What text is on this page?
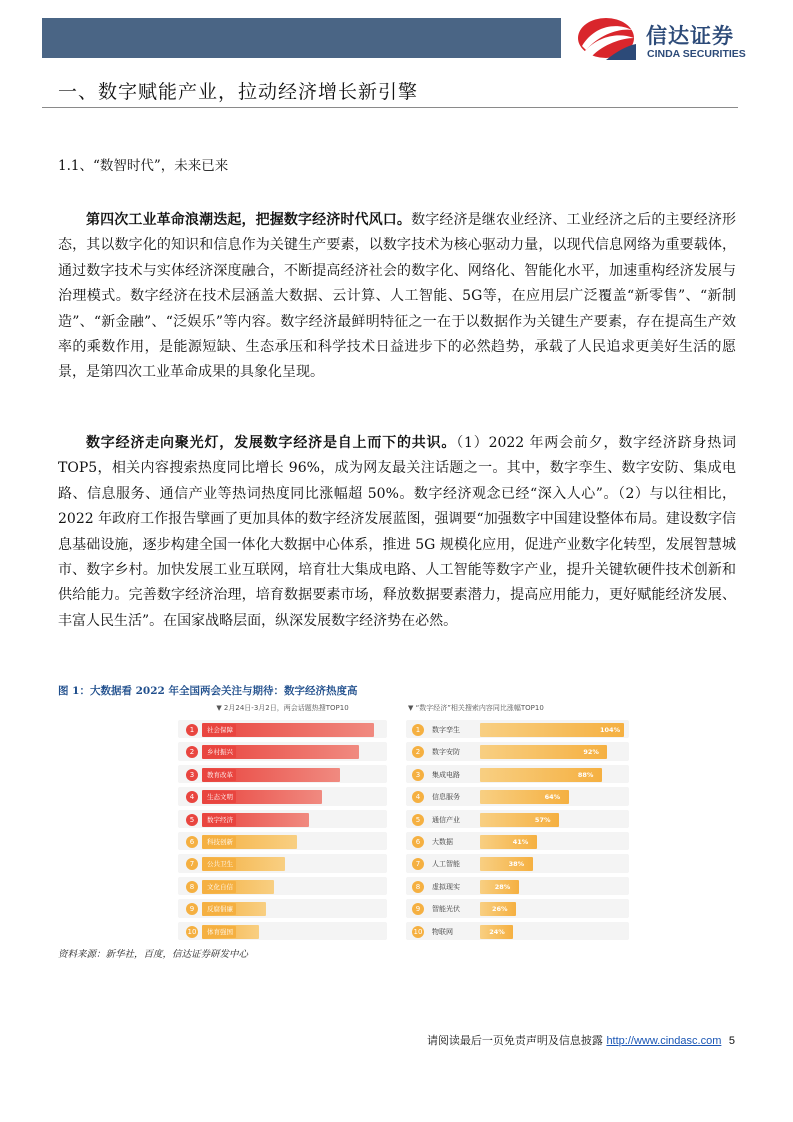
信达证券
CINDA SECURITIES
一、数字赋能产业，拉动经济增长新引擎
1.1、“数智时代”，未来已来

第四次工业革命浪潮迭起，把握数字经济时代风口。数字经济是继农业经济、工业经济之后的主要经济形态，其以数字化的知识和信息作为关键生产要素，以数字技术为核心驱动力量，以现代信息网络为重要载体，通过数字技术与实体经济深度融合，不断提高经济社会的数字化、网络化、智能化水平，加速重构经济发展与治理模式。数字经济在技术层涵盖大数据、云计算、人工智能、5G等，在应用层广泛覆盖“新零售”、“新制造”、“新金融”、“泛娱乐”等内容。数字经济最鲜明特征之一在于以数据作为关键生产要素，存在提高生产效率的乘数作用，是能源短缺、生态承压和科学技术日益进步下的必然趋势，承载了人民追求更美好生活的愿景，是第四次工业革命成果的具象化呈现。

数字经济走向聚光灯，发展数字经济是自上而下的共识。（1）2022 年两会前夕，数字经济跻身热词 TOP5，相关内容搜索热度同比增长 96%，成为网友最关注话题之一。其中，数字孪生、数字安防、集成电路、信息服务、通信产业等热词热度同比涨幅超 50%。数字经济观念已经“深入人心”。（2）与以往相比，2022 年政府工作报告擘画了更加具体的数字经济发展蓝图，强调要“加强数字中国建设整体布局。建设数字信息基础设施，逐步构建全国一体化大数据中心体系，推进 5G 规模化应用，促进产业数字化转型，发展智慧城市、数字乡村。加快发展工业互联网，培育壮大集成电路、人工智能等数字产业，提升关键软硬件技术创新和供给能力。完善数字经济治理，培育数据要素市场，释放数据要素潜力，提高应用能力，更好赋能经济发展、丰富人民生活”。在国家战略层面，纵深发展数字经济势在必然。

图 1：大数据看 2022 年全国两会关注与期待：数字经济热度高
▼ 2月24日-3月2日，两会话题热搜TOP10
1	社会保障
2	乡村振兴
3	教育改革
4	生态文明
5	数字经济
6	科技创新
7	公共卫生
8	文化自信
9	反腐倡廉
10	体育强国
▼ “数字经济”相关搜索内容同比涨幅TOP10
1	数字孪生	104%
2	数字安防	92%
3	集成电路	88%
4	信息服务	64%
5	通信产业	57%
6	大数据	41%
7	人工智能	38%
8	虚拟现实	28%
9	智能光伏	26%
10 物联网	24%
资料来源：新华社，百度，信达证券研发中心
请阅读最后一页免责声明及信息披露 http://www.cindasc.com 5
